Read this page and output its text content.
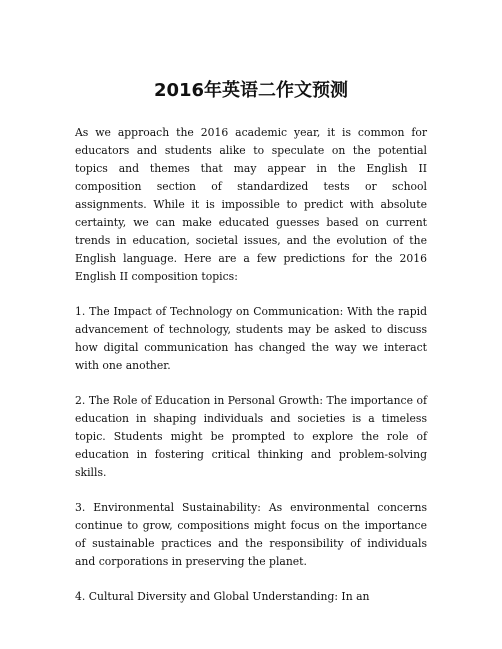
2016年英语二作文预测

As we approach the 2016 academic year, it is common for educators and students alike to speculate on the potential topics and themes that may appear in the English II composition section of standardized tests or school assignments. While it is impossible to predict with absolute certainty, we can make educated guesses based on current trends in education, societal issues, and the evolution of the English language. Here are a few predictions for the 2016 English II composition topics:

1. The Impact of Technology on Communication: With the rapid advancement of technology, students may be asked to discuss how digital communication has changed the way we interact with one another.

2. The Role of Education in Personal Growth: The importance of education in shaping individuals and societies is a timeless topic. Students might be prompted to explore the role of education in fostering critical thinking and problem-solving skills.

3. Environmental Sustainability: As environmental concerns continue to grow, compositions might focus on the importance of sustainable practices and the responsibility of individuals and corporations in preserving the planet.

4. Cultural Diversity and Global Understanding: In an
